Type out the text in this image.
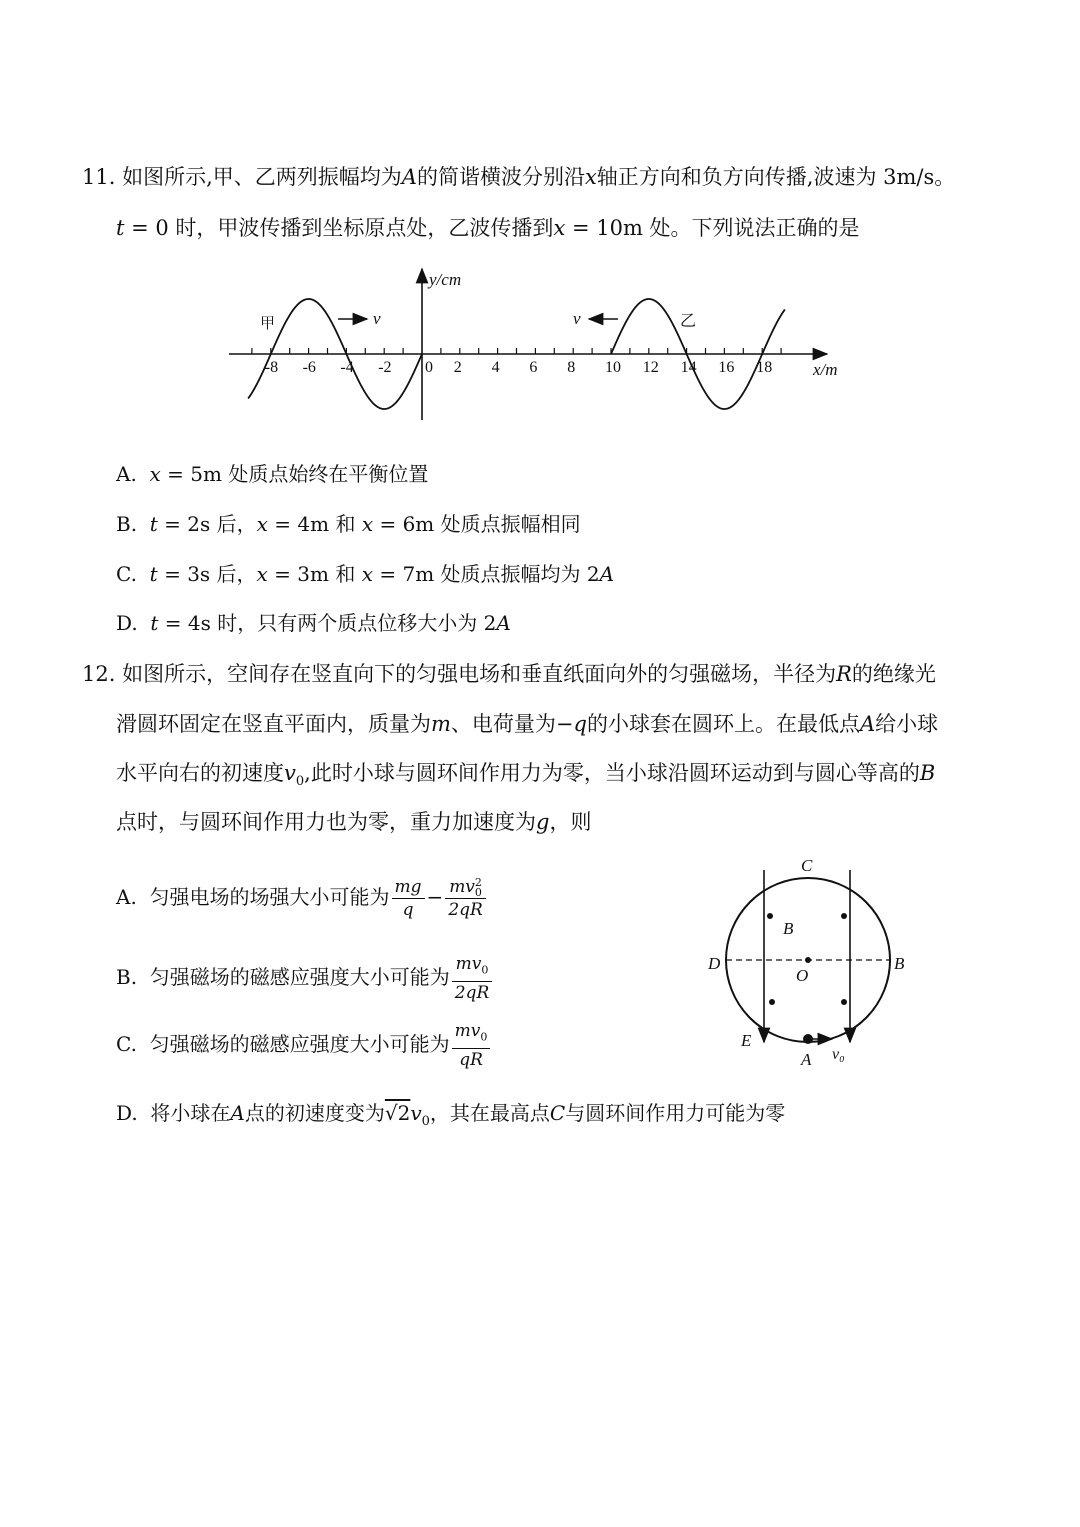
11. 如图所示,甲、乙两列振幅均为A的简谐横波分别沿x轴正方向和负方向传播,波速为 3m/s。
t = 0 时，甲波传播到坐标原点处，乙波传播到x = 10m 处。下列说法正确的是
y/cm
x/m
-8 -6 -4 -2 0 2 4 6 8 10 12 14 16 18
甲	乙
v	v
A. x = 5m 处质点始终在平衡位置
B. t = 2s 后，x = 4m 和 x = 6m 处质点振幅相同
C. t = 3s 后，x = 3m 和 x = 7m 处质点振幅均为 2A
D. t = 4s 时，只有两个质点位移大小为 2A
12. 如图所示，空间存在竖直向下的匀强电场和垂直纸面向外的匀强磁场，半径为R的绝缘光
滑圆环固定在竖直平面内，质量为m、电荷量为−q的小球套在圆环上。在最低点A给小球
水平向右的初速度$v_0$,此时小球与圆环间作用力为零，当小球沿圆环运动到与圆心等高的B
点时，与圆环间作用力也为零，重力加速度为g，则
A. 匀强电场的场强大小可能为 $\frac{mg}{q}$ − mv 2
0
2qR
B. 匀强磁场的磁感应强度大小可能为 $\frac{mv_0}{2qR}$
C. 匀强磁场的磁感应强度大小可能为 $\frac{mv_0}{qR}$
D. 将小球在A点的初速度变为$√2v_0$，其在最高点C与圆环间作用力可能为零
C
B
D
O
B
E
A v₀
